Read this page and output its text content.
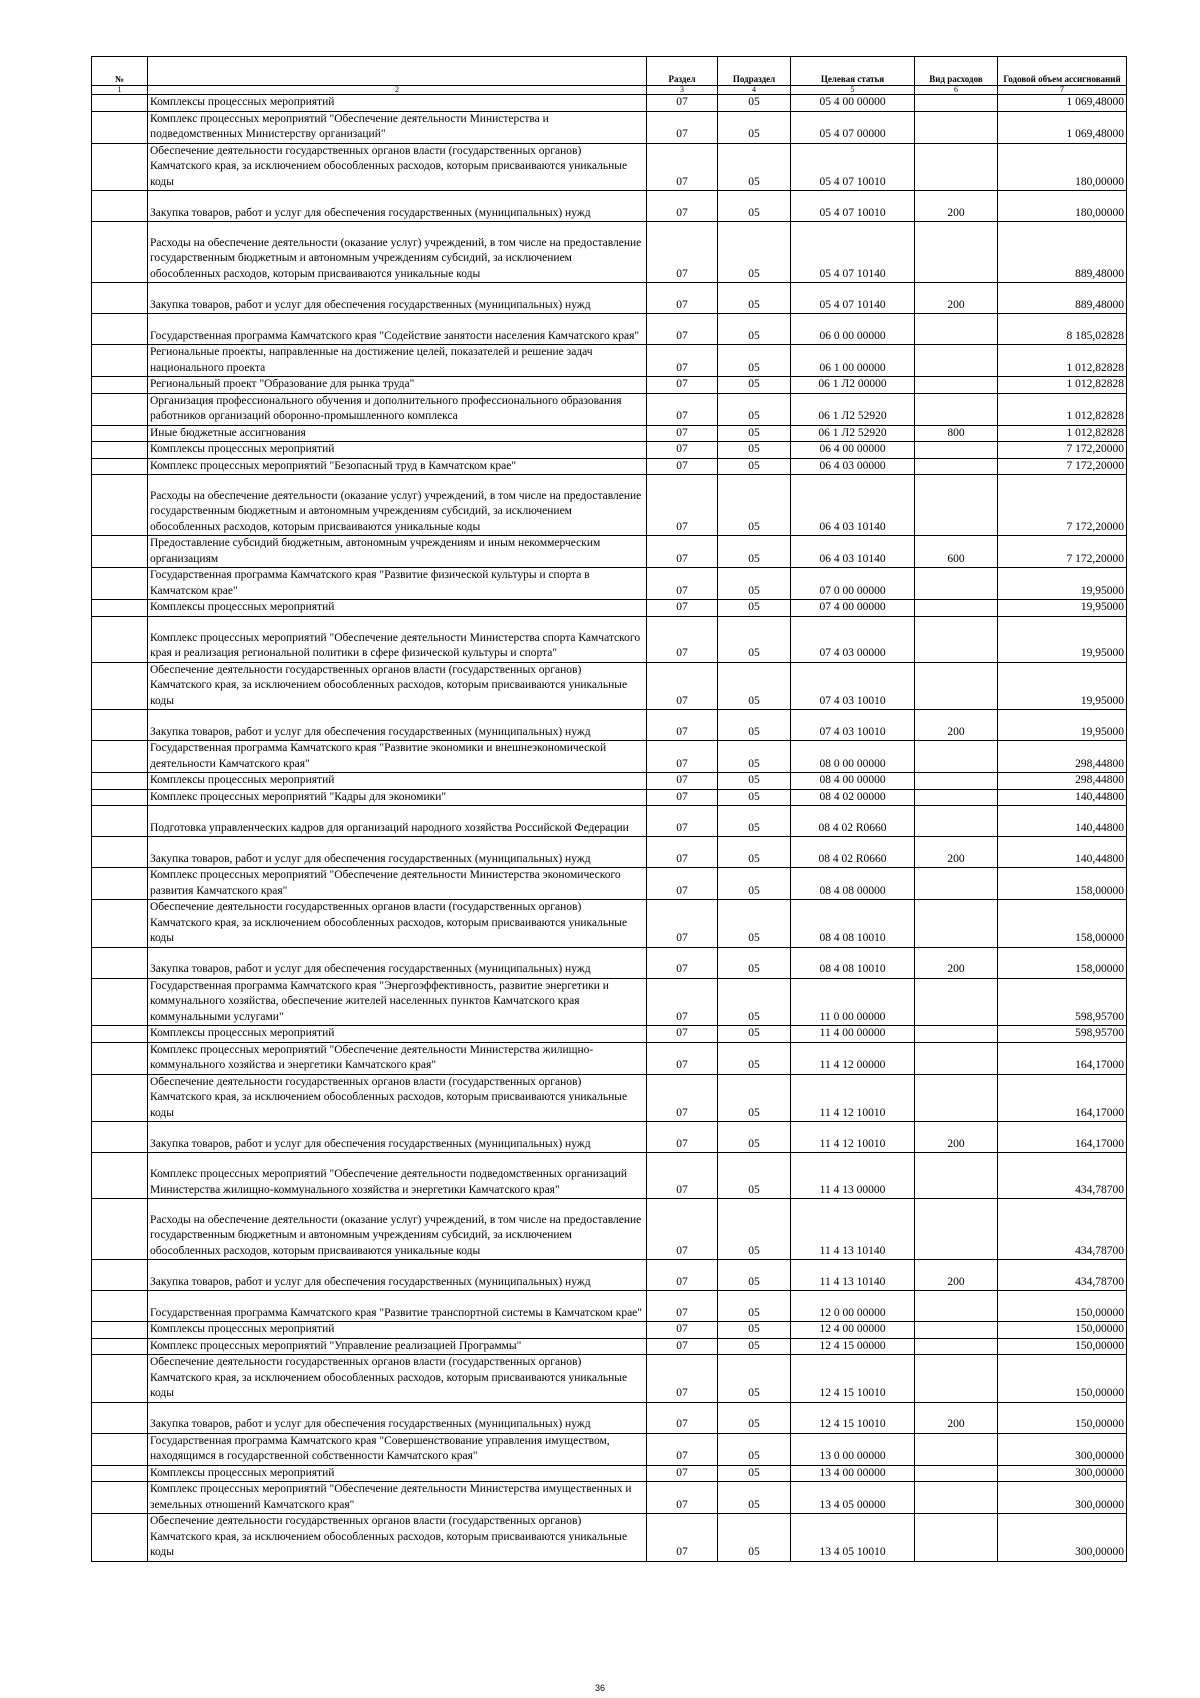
№		Раздел	Подраздел	Целевая статья	Вид расходов	Годовой объем ассигнований
1	2	3	4	5	6	7
	Комплексы процессных мероприятий	07	05	05 4 00 00000		1 069,48000
	Комплекс процессных мероприятий "Обеспечение деятельности Министерства и подведомственных Министерству организаций"	07	05	05 4 07 00000		1 069,48000
	Обеспечение деятельности государственных органов власти (государственных органов) Камчатского края, за исключением обособленных расходов, которым присваиваются уникальные коды	07	05	05 4 07 10010		180,00000
	Закупка товаров, работ и услуг для обеспечения государственных (муниципальных) нужд	07	05	05 4 07 10010	200	180,00000
	Расходы на обеспечение деятельности (оказание услуг) учреждений, в том числе на предоставление государственным бюджетным и автономным учреждениям субсидий, за исключением обособленных расходов, которым присваиваются уникальные коды	07	05	05 4 07 10140		889,48000
	Закупка товаров, работ и услуг для обеспечения государственных (муниципальных) нужд	07	05	05 4 07 10140	200	889,48000
	Государственная программа Камчатского края "Содействие занятости населения Камчатского края"	07	05	06 0 00 00000		8 185,02828
	Региональные проекты, направленные на достижение целей, показателей и решение задач национального проекта	07	05	06 1 00 00000		1 012,82828
	Региональный проект "Образование для рынка труда"	07	05	06 1 Л2 00000		1 012,82828
	Организация профессионального обучения и дополнительного профессионального образования работников организаций оборонно-промышленного комплекса	07	05	06 1 Л2 52920		1 012,82828
	Иные бюджетные ассигнования	07	05	06 1 Л2 52920	800	1 012,82828
	Комплексы процессных мероприятий	07	05	06 4 00 00000		7 172,20000
	Комплекс процессных мероприятий "Безопасный труд в Камчатском крае"	07	05	06 4 03 00000		7 172,20000
	Расходы на обеспечение деятельности (оказание услуг) учреждений, в том числе на предоставление государственным бюджетным и автономным учреждениям субсидий, за исключением обособленных расходов, которым присваиваются уникальные коды	07	05	06 4 03 10140		7 172,20000
	Предоставление субсидий бюджетным, автономным учреждениям и иным некоммерческим организациям	07	05	06 4 03 10140	600	7 172,20000
	Государственная программа Камчатского края "Развитие физической культуры и спорта в Камчатском крае"	07	05	07 0 00 00000		19,95000
	Комплексы процессных мероприятий	07	05	07 4 00 00000		19,95000
	Комплекс процессных мероприятий "Обеспечение деятельности Министерства спорта Камчатского края и реализация региональной политики в сфере физической культуры и спорта"	07	05	07 4 03 00000		19,95000
	Обеспечение деятельности государственных органов власти (государственных органов) Камчатского края, за исключением обособленных расходов, которым присваиваются уникальные коды	07	05	07 4 03 10010		19,95000
	Закупка товаров, работ и услуг для обеспечения государственных (муниципальных) нужд	07	05	07 4 03 10010	200	19,95000
	Государственная программа Камчатского края "Развитие экономики и внешнеэкономической деятельности Камчатского края"	07	05	08 0 00 00000		298,44800
	Комплексы процессных мероприятий	07	05	08 4 00 00000		298,44800
	Комплекс процессных мероприятий "Кадры для экономики"	07	05	08 4 02 00000		140,44800
	Подготовка управленческих кадров для организаций народного хозяйства Российской Федерации	07	05	08 4 02 R0660		140,44800
	Закупка товаров, работ и услуг для обеспечения государственных (муниципальных) нужд	07	05	08 4 02 R0660	200	140,44800
	Комплекс процессных мероприятий "Обеспечение деятельности Министерства экономического развития Камчатского края"	07	05	08 4 08 00000		158,00000
	Обеспечение деятельности государственных органов власти (государственных органов) Камчатского края, за исключением обособленных расходов, которым присваиваются уникальные коды	07	05	08 4 08 10010		158,00000
	Закупка товаров, работ и услуг для обеспечения государственных (муниципальных) нужд	07	05	08 4 08 10010	200	158,00000
	Государственная программа Камчатского края "Энергоэффективность, развитие энергетики и коммунального хозяйства, обеспечение жителей населенных пунктов Камчатского края коммунальными услугами"	07	05	11 0 00 00000		598,95700
	Комплексы процессных мероприятий	07	05	11 4 00 00000		598,95700
	Комплекс процессных мероприятий "Обеспечение деятельности Министерства жилищно-коммунального хозяйства и энергетики Камчатского края"	07	05	11 4 12 00000		164,17000
	Обеспечение деятельности государственных органов власти (государственных органов) Камчатского края, за исключением обособленных расходов, которым присваиваются уникальные коды	07	05	11 4 12 10010		164,17000
	Закупка товаров, работ и услуг для обеспечения государственных (муниципальных) нужд	07	05	11 4 12 10010	200	164,17000
	Комплекс процессных мероприятий "Обеспечение деятельности подведомственных организаций Министерства жилищно-коммунального хозяйства и энергетики Камчатского края"	07	05	11 4 13 00000		434,78700
	Расходы на обеспечение деятельности (оказание услуг) учреждений, в том числе на предоставление государственным бюджетным и автономным учреждениям субсидий, за исключением обособленных расходов, которым присваиваются уникальные коды	07	05	11 4 13 10140		434,78700
	Закупка товаров, работ и услуг для обеспечения государственных (муниципальных) нужд	07	05	11 4 13 10140	200	434,78700
	Государственная программа Камчатского края "Развитие транспортной системы в Камчатском крае"	07	05	12 0 00 00000		150,00000
	Комплексы процессных мероприятий	07	05	12 4 00 00000		150,00000
	Комплекс процессных мероприятий "Управление реализацией Программы"	07	05	12 4 15 00000		150,00000
	Обеспечение деятельности государственных органов власти (государственных органов) Камчатского края, за исключением обособленных расходов, которым присваиваются уникальные коды	07	05	12 4 15 10010		150,00000
	Закупка товаров, работ и услуг для обеспечения государственных (муниципальных) нужд	07	05	12 4 15 10010	200	150,00000
	Государственная программа Камчатского края "Совершенствование управления имуществом, находящимся в государственной собственности Камчатского края"	07	05	13 0 00 00000		300,00000
	Комплексы процессных мероприятий	07	05	13 4 00 00000		300,00000
	Комплекс процессных мероприятий "Обеспечение деятельности Министерства имущественных и земельных отношений Камчатского края"	07	05	13 4 05 00000		300,00000
	Обеспечение деятельности государственных органов власти (государственных органов) Камчатского края, за исключением обособленных расходов, которым присваиваются уникальные коды	07	05	13 4 05 10010		300,00000
36
